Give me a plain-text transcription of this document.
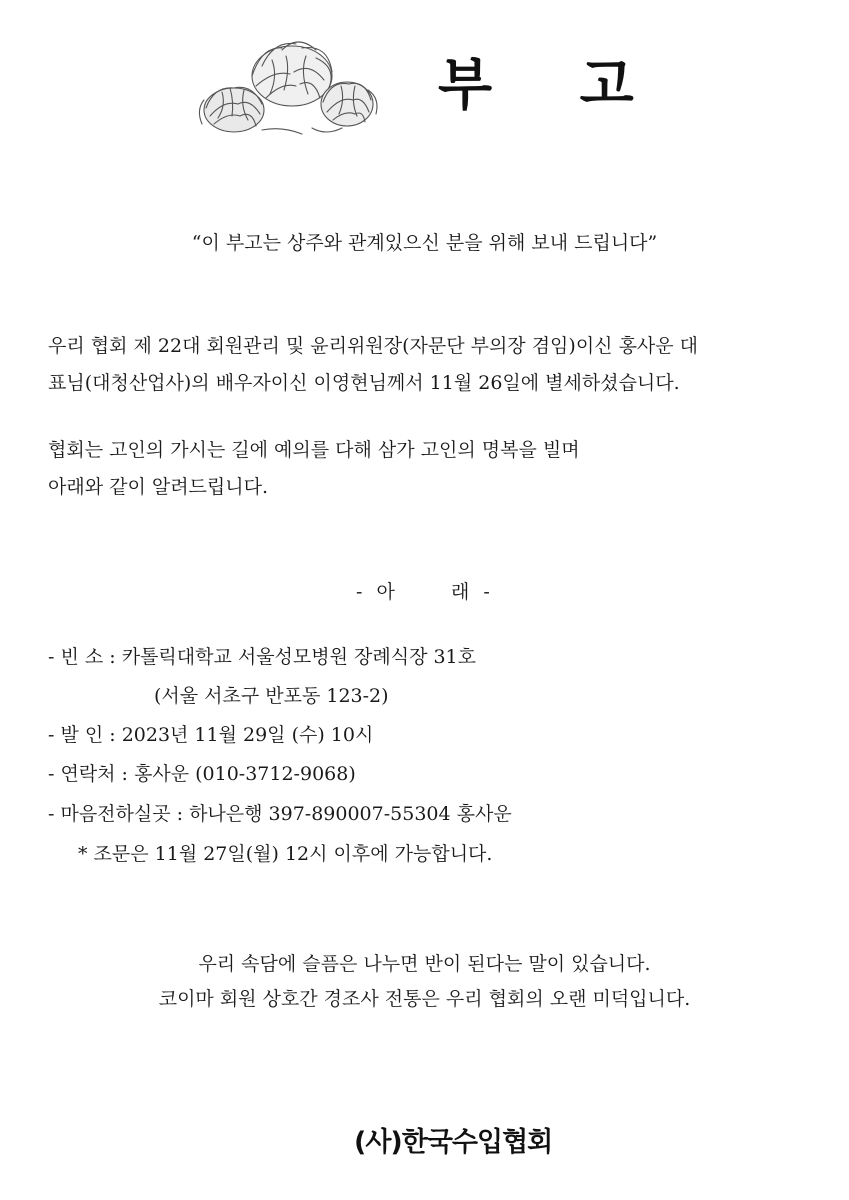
부 고
“이 부고는 상주와 관계있으신 분을 위해 보내 드립니다”
우리 협회 제 22대 회원관리 및 윤리위원장(자문단 부의장 겸임)이신 홍사운 대
표님(대청산업사)의 배우자이신 이영현님께서 11월 26일에 별세하셨습니다.
협회는 고인의 가시는 길에 예의를 다해 삼가 고인의 명복을 빌며
아래와 같이 알려드립니다.
- 아    래 -
- 빈 소 : 카톨릭대학교 서울성모병원 장례식장 31호
(서울 서초구 반포동 123-2)
- 발 인 : 2023년 11월 29일 (수) 10시
- 연락처 : 홍사운 (010-3712-9068)
- 마음전하실곳 : 하나은행 397-890007-55304 홍사운
* 조문은 11월 27일(월) 12시 이후에 가능합니다.
우리 속담에 슬픔은 나누면 반이 된다는 말이 있습니다.
코이마 회원 상호간 경조사 전통은 우리 협회의 오랜 미덕입니다.
(사)한국수입협회
